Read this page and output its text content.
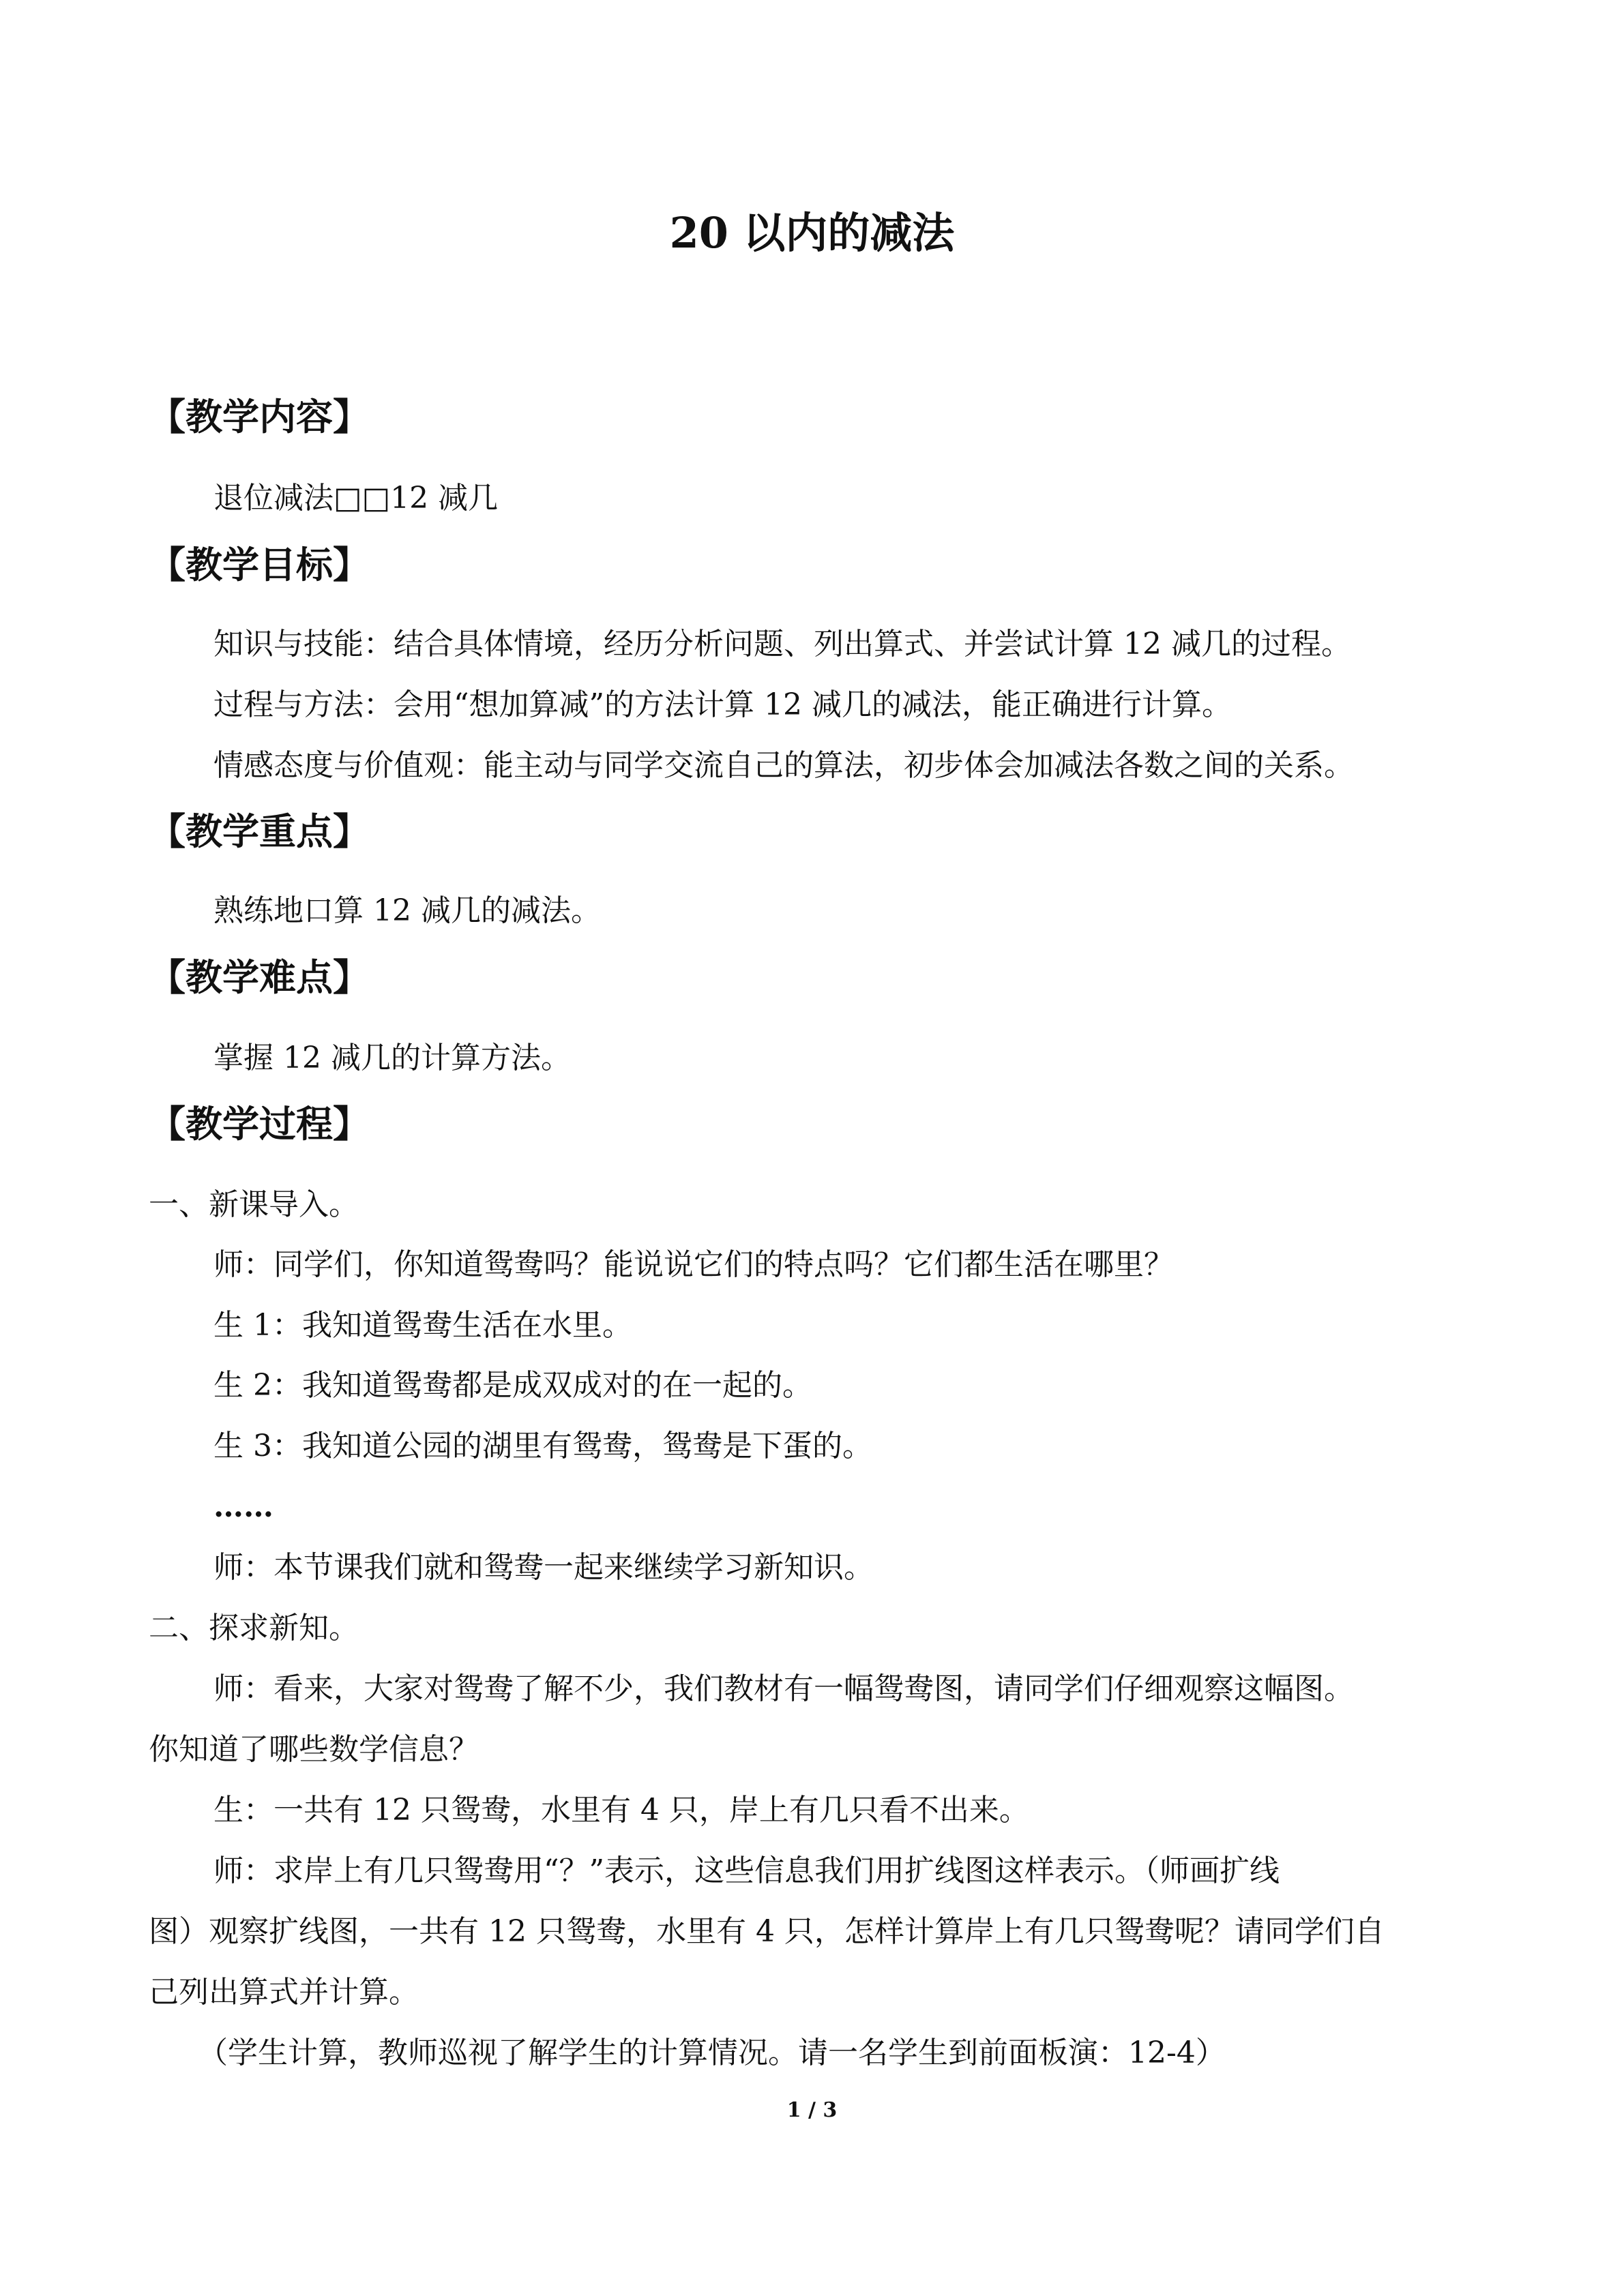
20 以内的减法
【教学内容】
退位减法□□12 减几
【教学目标】
知识与技能：结合具体情境，经历分析问题、列出算式、并尝试计算 12 减几的过程。
过程与方法：会用“想加算减”的方法计算 12 减几的减法，能正确进行计算。
情感态度与价值观：能主动与同学交流自己的算法，初步体会加减法各数之间的关系。
【教学重点】
熟练地口算 12 减几的减法。
【教学难点】
掌握 12 减几的计算方法。
【教学过程】
一、新课导入。
师：同学们，你知道鸳鸯吗？能说说它们的特点吗？它们都生活在哪里？
生 1：我知道鸳鸯生活在水里。
生 2：我知道鸳鸯都是成双成对的在一起的。
生 3：我知道公园的湖里有鸳鸯，鸳鸯是下蛋的。
……
师：本节课我们就和鸳鸯一起来继续学习新知识。
二、探求新知。
师：看来，大家对鸳鸯了解不少，我们教材有一幅鸳鸯图，请同学们仔细观察这幅图。
你知道了哪些数学信息？
生：一共有 12 只鸳鸯，水里有 4 只，岸上有几只看不出来。
师：求岸上有几只鸳鸯用“？”表示，这些信息我们用扩线图这样表示。（师画扩线
图）观察扩线图，一共有 12 只鸳鸯，水里有 4 只，怎样计算岸上有几只鸳鸯呢？请同学们自
己列出算式并计算。
（学生计算，教师巡视了解学生的计算情况。请一名学生到前面板演：12-4）
1 / 3
